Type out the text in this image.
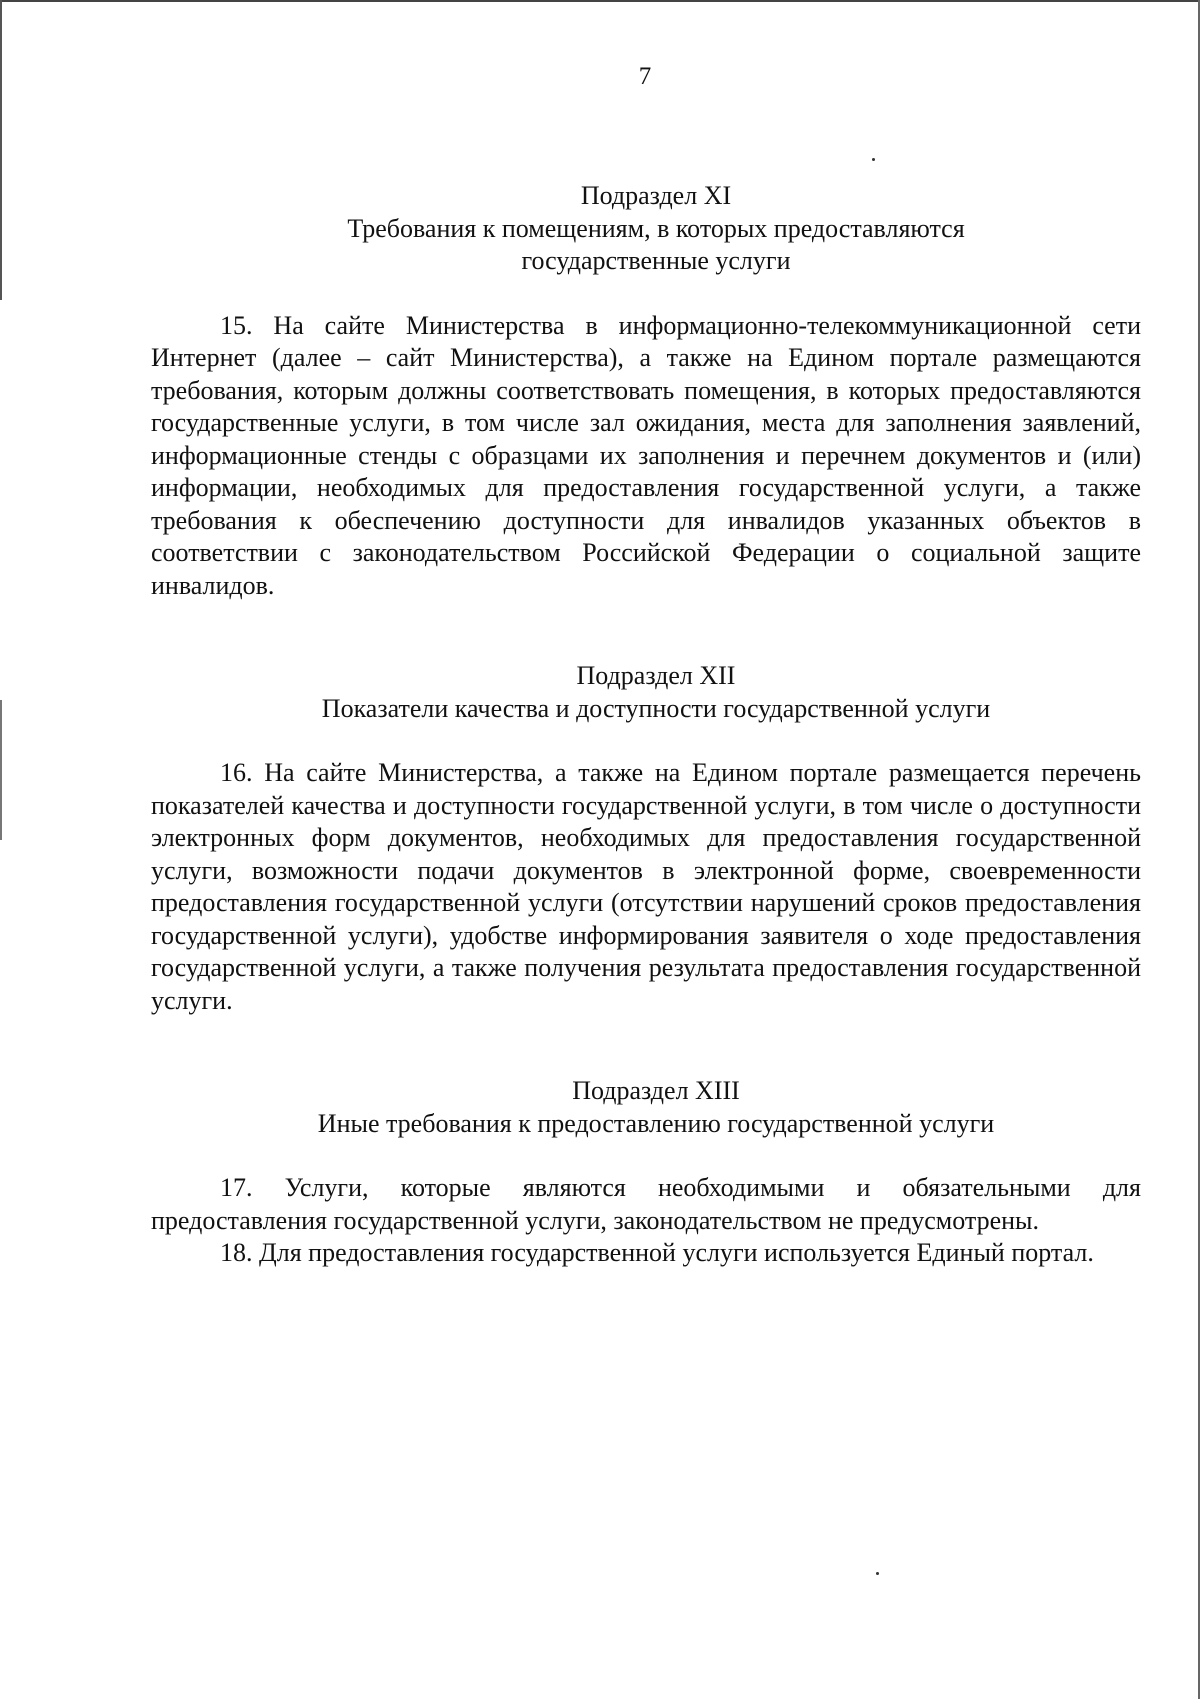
7
Подраздел XI
Требования к помещениям, в которых предоставляются
государственные услуги

15. На сайте Министерства в информационно-телекоммуникационной сети Интернет (далее – сайт Министерства), а также на Едином портале размещаются требования, которым должны соответствовать помещения, в которых предоставляются государственные услуги, в том числе зал ожидания, места для заполнения заявлений, информационные стенды с образцами их заполнения и перечнем документов и (или) информации, необходимых для предоставления государственной услуги, а также требования к обеспечению доступности для инвалидов указанных объектов в соответствии с законодательством Российской Федерации о социальной защите инвалидов.

Подраздел XII
Показатели качества и доступности государственной услуги

16. На сайте Министерства, а также на Едином портале размещается перечень показателей качества и доступности государственной услуги, в том числе о доступности электронных форм документов, необходимых для предоставления государственной услуги, возможности подачи документов в электронной форме, своевременности предоставления государственной услуги (отсутствии нарушений сроков предоставления государственной услуги), удобстве информирования заявителя о ходе предоставления государственной услуги, а также получения результата предоставления государственной услуги.

Подраздел XIII
Иные требования к предоставлению государственной услуги

17. Услуги, которые являются необходимыми и обязательными для предоставления государственной услуги, законодательством не предусмотрены.

18. Для предоставления государственной услуги используется Единый портал.
